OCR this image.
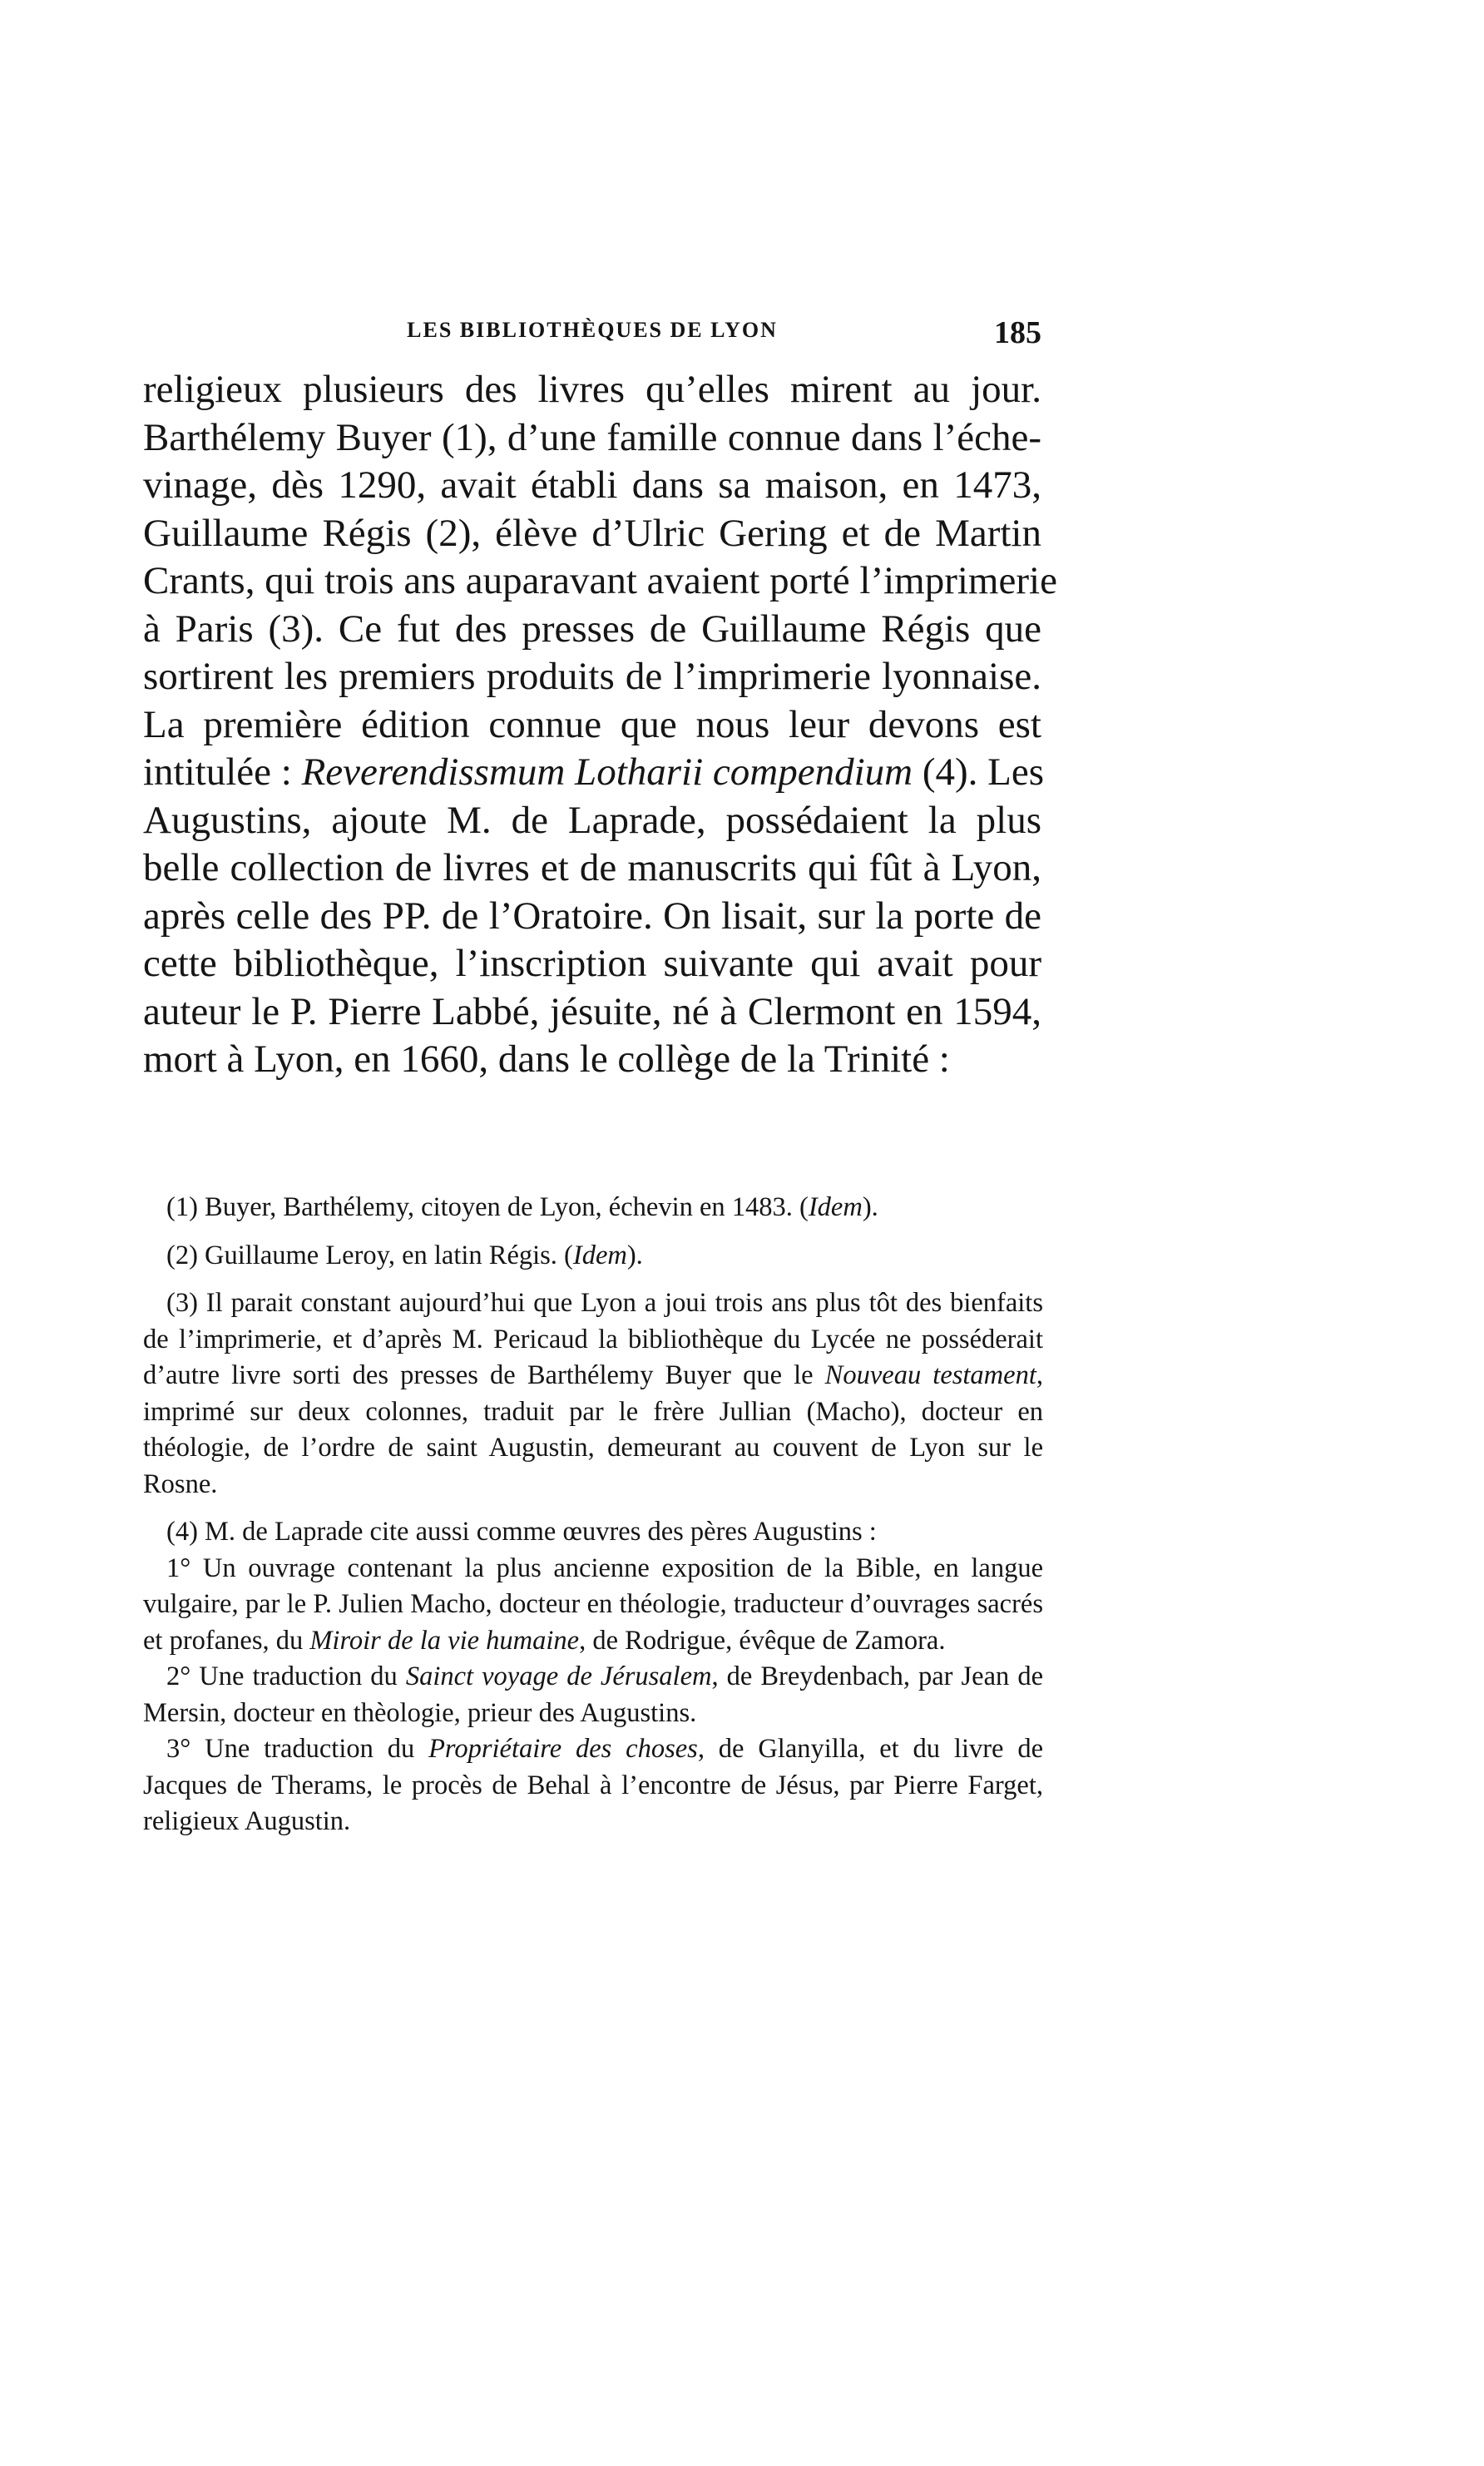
LES BIBLIOTHÈQUES DE LYON	185
religieux plusieurs des livres qu’elles mirent au jour.
Barthélemy Buyer (1), d’une famille connue dans l’éche-
vinage, dès 1290, avait établi dans sa maison, en 1473,
Guillaume Régis (2), élève d’Ulric Gering et de Martin
Crants, qui trois ans auparavant avaient porté l’imprimerie
à Paris (3). Ce fut des presses de Guillaume Régis que
sortirent les premiers produits de l’imprimerie lyonnaise.
La première édition connue que nous leur devons est
intitulée : Reverendissmum Lotharii compendium (4). Les
Augustins, ajoute M. de Laprade, possédaient la plus
belle collection de livres et de manuscrits qui fût à Lyon,
après celle des PP. de l’Oratoire. On lisait, sur la porte de
cette bibliothèque, l’inscription suivante qui avait pour
auteur le P. Pierre Labbé, jésuite, né à Clermont en 1594,
mort à Lyon, en 1660, dans le collège de la Trinité :

(1) Buyer, Barthélemy, citoyen de Lyon, échevin en 1483. (Idem).

(2) Guillaume Leroy, en latin Régis. (Idem).

(3) Il parait constant aujourd’hui que Lyon a joui trois ans plus tôt des bienfaits de l’imprimerie, et d’après M. Pericaud la bibliothèque du Lycée ne posséderait d’autre livre sorti des presses de Barthélemy Buyer que le Nouveau testament, imprimé sur deux colonnes, traduit par le frère Jullian (Macho), docteur en théologie, de l’ordre de saint Augustin, demeurant au couvent de Lyon sur le Rosne.

(4) M. de Laprade cite aussi comme œuvres des pères Augustins :

1° Un ouvrage contenant la plus ancienne exposition de la Bible, en langue vulgaire, par le P. Julien Macho, docteur en théologie, traducteur d’ouvrages sacrés et profanes, du Miroir de la vie humaine, de Rodrigue, évêque de Zamora.

2° Une traduction du Sainct voyage de Jérusalem, de Breydenbach, par Jean de Mersin, docteur en thèologie, prieur des Augustins.

3° Une traduction du Propriétaire des choses, de Glanyilla, et du livre de Jacques de Therams, le procès de Behal à l’encontre de Jésus, par Pierre Farget, religieux Augustin.
